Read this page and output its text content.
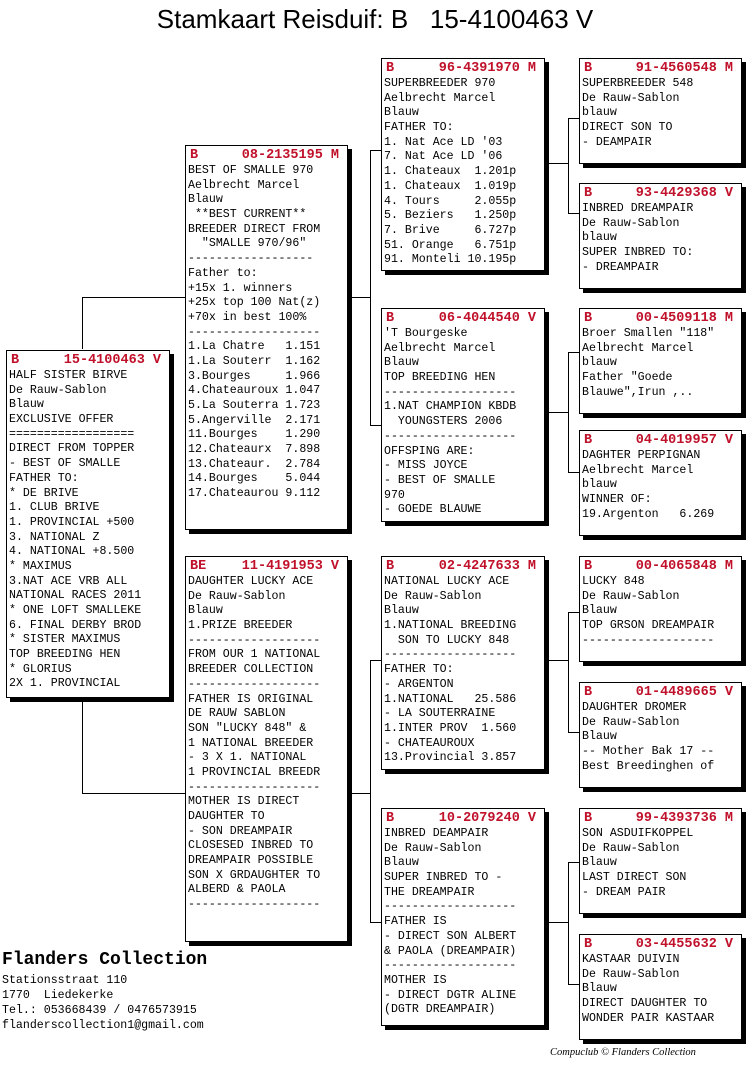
Stamkaart Reisduif: B   15-4100463 V
B	15-4100463 V
HALF SISTER BIRVE
De Rauw-Sablon
Blauw
EXCLUSIVE OFFER
==================
DIRECT FROM TOPPER
- BEST OF SMALLE
FATHER TO:
* DE BRIVE
1. CLUB BRIVE
1. PROVINCIAL +500
3. NATIONAL Z
4. NATIONAL +8.500
* MAXIMUS
3.NAT ACE VRB ALL
NATIONAL RACES 2011
* ONE LOFT SMALLEKE
6. FINAL DERBY BROD
* SISTER MAXIMUS
TOP BREEDING HEN
* GLORIUS
2X 1. PROVINCIAL
B	08-2135195 M
BEST OF SMALLE 970
Aelbrecht Marcel
Blauw
**BEST CURRENT**
BREEDER DIRECT FROM
"SMALLE 970/96"
------------------
Father to:
+15x 1. winners
+25x top 100 Nat(z)
+70x in best 100%
-------------------
1.La Chatre   1.151
1.La Souterr  1.162
3.Bourges     1.966
4.Chateauroux 1.047
5.La Souterra 1.723
5.Angerville  2.171
11.Bourges    1.290
12.Chateaurx  7.898
13.Chateaur.  2.784
14.Bourges    5.044
17.Chateaurou 9.112
BE	11-4191953 V
DAUGHTER LUCKY ACE
De Rauw-Sablon
Blauw
1.PRIZE BREEDER
-------------------
FROM OUR 1 NATIONAL
BREEDER COLLECTION
-------------------
FATHER IS ORIGINAL
DE RAUW SABLON
SON "LUCKY 848" &
1 NATIONAL BREEDER
- 3 X 1. NATIONAL
1 PROVINCIAL BREEDR
-------------------
MOTHER IS DIRECT
DAUGHTER TO
- SON DREAMPAIR
CLOSESED INBRED TO
DREAMPAIR POSSIBLE
SON X GRDAUGHTER TO
ALBERD & PAOLA
-------------------
B	96-4391970 M
SUPERBREEDER 970
Aelbrecht Marcel
Blauw
FATHER TO:
1. Nat Ace LD '03
7. Nat Ace LD '06
1. Chateaux  1.201p
1. Chateaux  1.019p
4. Tours     2.055p
5. Beziers   1.250p
7. Brive     6.727p
51. Orange   6.751p
91. Monteli 10.195p
B	06-4044540 V
'T Bourgeske
Aelbrecht Marcel
Blauw
TOP BREEDING HEN
-------------------
1.NAT CHAMPION KBDB
YOUNGSTERS 2006
-------------------
OFFSPING ARE:
- MISS JOYCE
- BEST OF SMALLE
970
- GOEDE BLAUWE
B	02-4247633 M
NATIONAL LUCKY ACE
De Rauw-Sablon
Blauw
1.NATIONAL BREEDING
SON TO LUCKY 848
-------------------
FATHER TO:
- ARGENTON
1.NATIONAL   25.586
- LA SOUTERRAINE
1.INTER PROV  1.560
- CHATEAUROUX
13.Provincial 3.857
B	10-2079240 V
INBRED DEAMPAIR
De Rauw-Sablon
Blauw
SUPER INBRED TO -
THE DREAMPAIR
-------------------
FATHER IS
- DIRECT SON ALBERT
& PAOLA (DREAMPAIR)
-------------------
MOTHER IS
- DIRECT DGTR ALINE
(DGTR DREAMPAIR)
B	91-4560548 M
SUPERBREEDER 548
De Rauw-Sablon
blauw
DIRECT SON TO
- DEAMPAIR
B	93-4429368 V
INBRED DREAMPAIR
De Rauw-Sablon
blauw
SUPER INBRED TO:
- DREAMPAIR
B	00-4509118 M
Broer Smallen "118"
Aelbrecht Marcel
blauw
Father "Goede
Blauwe",Irun ,..
B	04-4019957 V
DAGHTER PERPIGNAN
Aelbrecht Marcel
blauw
WINNER OF:
19.Argenton   6.269
B	00-4065848 M
LUCKY 848
De Rauw-Sablon
Blauw
TOP GRSON DREAMPAIR
-------------------
B	01-4489665 V
DAUGHTER DROMER
De Rauw-Sablon
Blauw
-- Mother Bak 17 --
Best Breedinghen of
B	99-4393736 M
SON ASDUIFKOPPEL
De Rauw-Sablon
Blauw
LAST DIRECT SON
- DREAM PAIR
B	03-4455632 V
KASTAAR DUIVIN
De Rauw-Sablon
Blauw
DIRECT DAUGHTER TO
WONDER PAIR KASTAAR
Flanders Collection
Stationsstraat 110
1770  Liedekerke
Tel.: 053668439 / 0476573915
flanderscollection1@gmail.com
Compuclub © Flanders Collection
